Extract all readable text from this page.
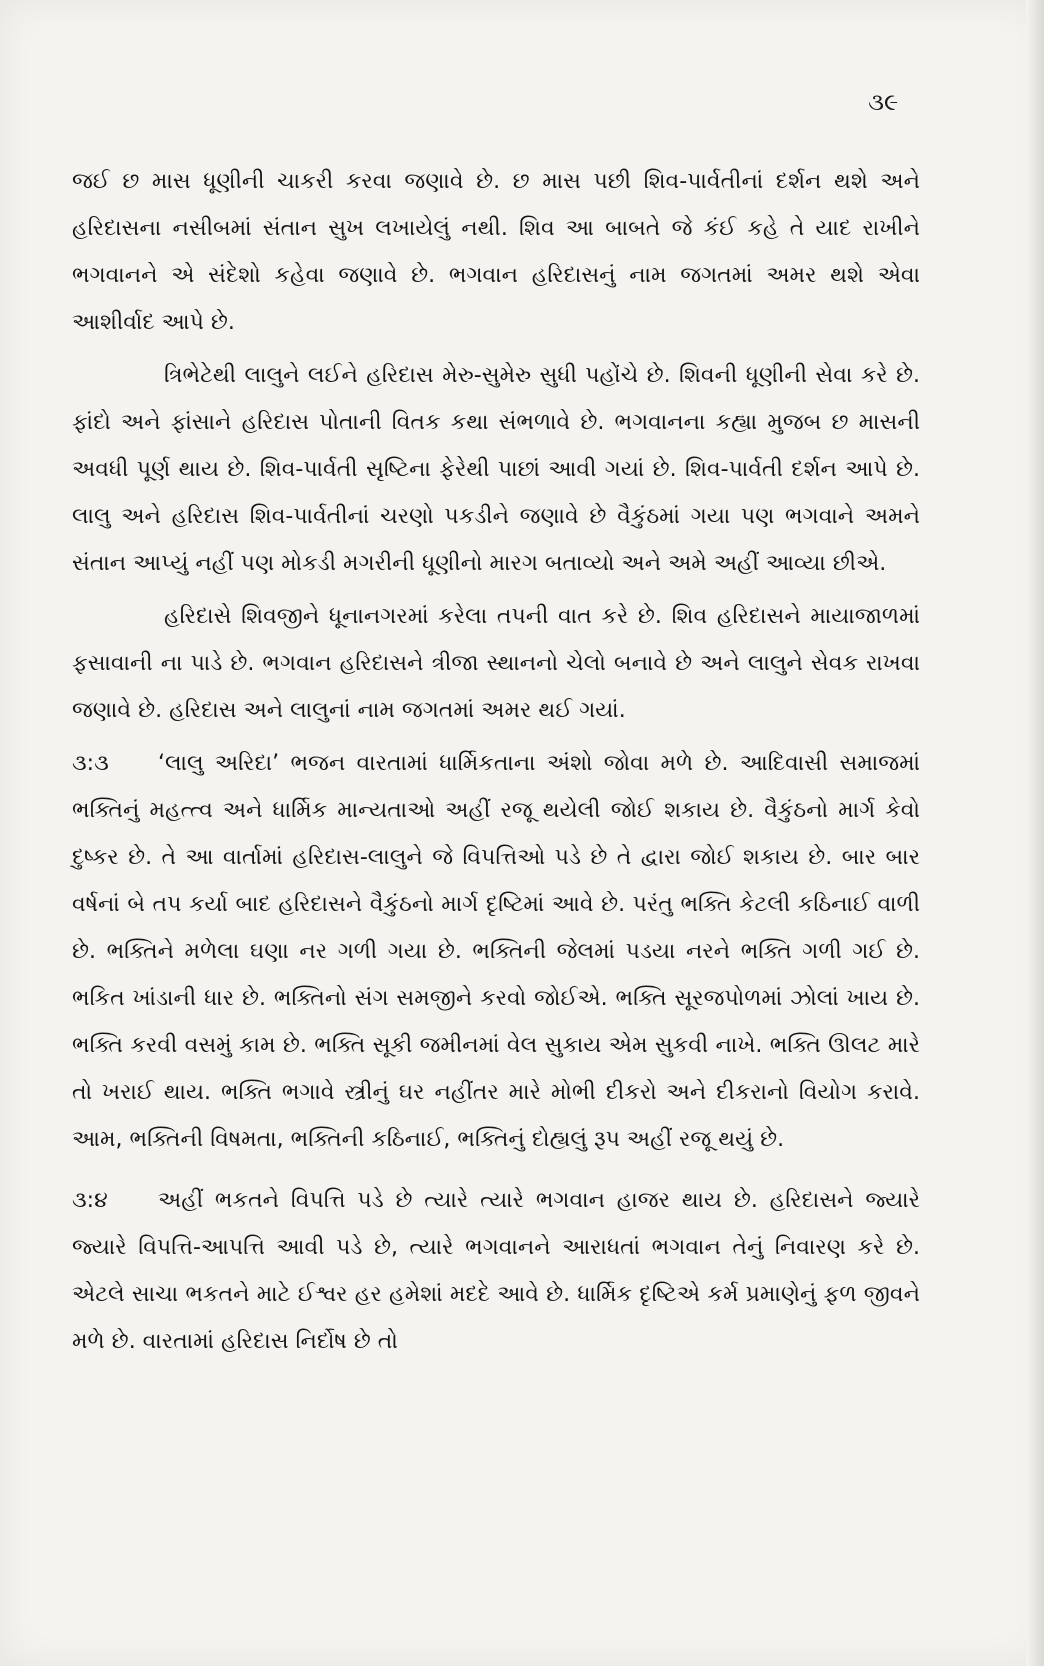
૩૯

જઈ છ માસ ધૂણીની ચાકરી કરવા જણાવે છે. છ માસ પછી શિવ-પાર્વતીનાં દર્શન થશે અને હરિદાસના નસીબમાં સંતાન સુખ લખાયેલું નથી. શિવ આ બાબતે જે કંઈ કહે તે યાદ રાખીને ભગવાનને એ સંદેશો કહેવા જણાવે છે. ભગવાન હરિદાસનું નામ જગતમાં અમર થશે એવા આશીર્વાદ આપે છે.

ત્રિભેટેથી લાલુને લઈને હરિદાસ મેરુ-સુમેરુ સુધી પહોંચે છે. શિવની ધૂણીની સેવા કરે છે. ફાંદો અને ફાંસાને હરિદાસ પોતાની વિતક કથા સંભળાવે છે. ભગવાનના કહ્યા મુજબ છ માસની અવધી પૂર્ણ થાય છે. શિવ-પાર્વતી સૃષ્ટિના ફેરેથી પાછાં આવી ગયાં છે. શિવ-પાર્વતી દર્શન આપે છે. લાલુ અને હરિદાસ શિવ-પાર્વતીનાં ચરણો પકડીને જણાવે છે વૈકુંઠમાં ગયા પણ ભગવાને અમને સંતાન આપ્યું નહીં પણ મોકડી મગરીની ધૂણીનો મારગ બતાવ્યો અને અમે અહીં આવ્યા છીએ.

હરિદાસે શિવજીને ધૂનાનગરમાં કરેલા તપની વાત કરે છે. શિવ હરિદાસને માયાજાળમાં ફસાવાની ના પાડે છે. ભગવાન હરિદાસને ત્રીજા સ્થાનનો ચેલો બનાવે છે અને લાલુને સેવક રાખવા જણાવે છે. હરિદાસ અને લાલુનાં નામ જગતમાં અમર થઈ ગયાં.

૩:૩	‘લાલુ અરિદા’ ભજન વારતામાં ધાર્મિકતાના અંશો જોવા મળે છે. આદિવાસી સમાજમાં ભક્તિનું મહત્ત્વ અને ધાર્મિક માન્યતાઓ અહીં રજૂ થયેલી જોઈ શકાય છે. વૈકુંઠનો માર્ગ કેવો દુષ્કર છે. તે આ વાર્તામાં હરિદાસ-લાલુને જે વિપત્તિઓ પડે છે તે દ્વારા જોઈ શકાય છે. બાર બાર વર્ષનાં બે તપ કર્યા બાદ હરિદાસને વૈકુંઠનો માર્ગ દૃષ્ટિમાં આવે છે. પરંતુ ભક્તિ કેટલી કઠિનાઈ વાળી છે. ભક્તિને મળેલા ઘણા નર ગળી ગયા છે. ભક્તિની જેલમાં પડયા નરને ભક્તિ ગળી ગઈ છે. ભકિત ખાંડાની ધાર છે. ભક્તિનો સંગ સમજીને કરવો જોઈએ. ભક્તિ સૂરજપોળમાં ઝોલાં ખાય છે. ભક્તિ કરવી વસમું કામ છે. ભક્તિ સૂકી જમીનમાં વેલ સુકાય એમ સુકવી નાખે. ભક્તિ ઊલટ મારે તો ખરાઈ થાય. ભક્તિ ભગાવે સ્ત્રીનું ઘર નહીંતર મારે મોભી દીકરો અને દીકરાનો વિયોગ કરાવે. આમ, ભક્તિની વિષમતા, ભક્તિની કઠિનાઈ, ભક્તિનું દોહ્યલું રૂપ અહીં રજૂ થયું છે.
૩:૪	અહીં ભકતને વિપત્તિ પડે છે ત્યારે ત્યારે ભગવાન હાજર થાય છે. હરિદાસને જ્યારે જ્યારે વિપત્તિ-આપત્તિ આવી પડે છે, ત્યારે ભગવાનને આરાધતાં ભગવાન તેનું નિવારણ કરે છે. એટલે સાચા ભકતને માટે ઈશ્વર હર હમેશાં મદદે આવે છે. ધાર્મિક દૃષ્ટિએ કર્મ પ્રમાણેનું ફળ જીવને મળે છે. વારતામાં હરિદાસ નિર્દોષ છે તો
